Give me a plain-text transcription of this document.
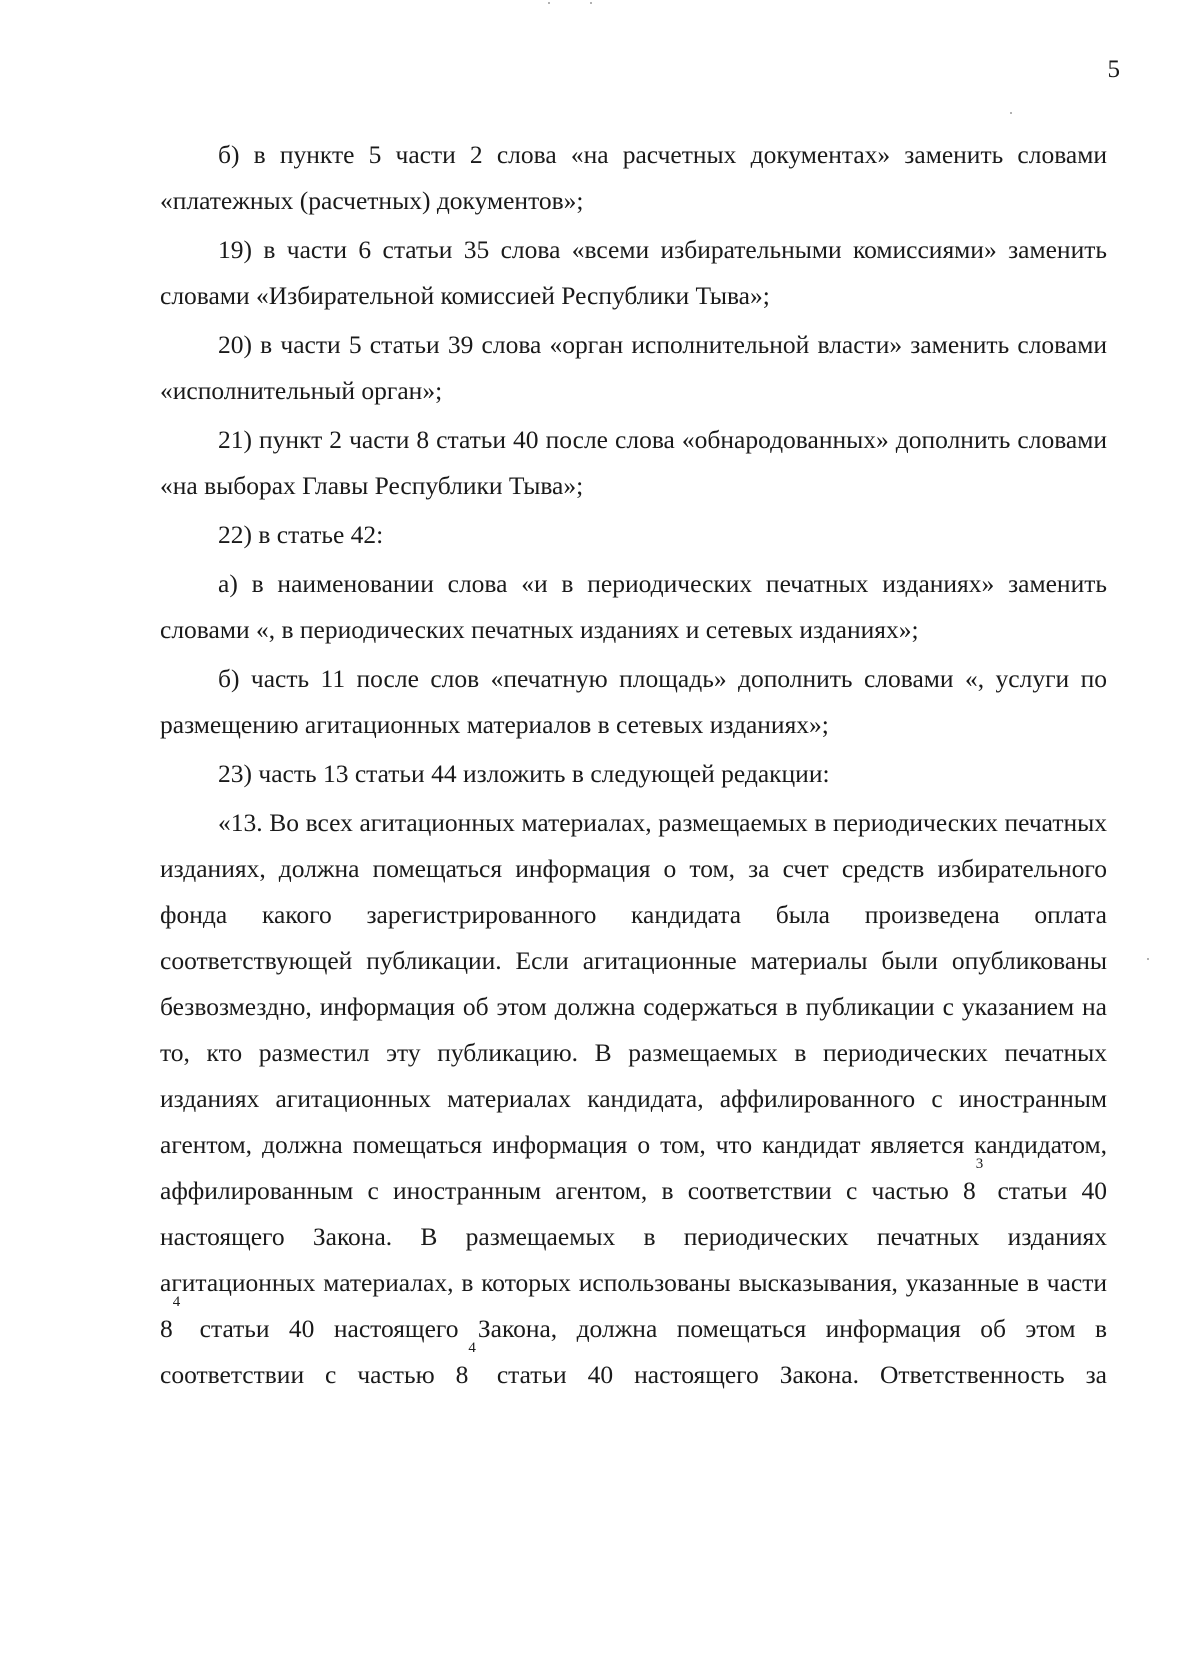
5

б) в пункте 5 части 2 слова «на расчетных документах» заменить словами «платежных (расчетных) документов»;

19) в части 6 статьи 35 слова «всеми избирательными комиссиями» заменить словами «Избирательной комиссией Республики Тыва»;

20) в части 5 статьи 39 слова «орган исполнительной власти» заменить словами «исполнительный орган»;

21) пункт 2 части 8 статьи 40 после слова «обнародованных» дополнить словами «на выборах Главы Республики Тыва»;

22) в статье 42:

а) в наименовании слова «и в периодических печатных изданиях» заменить словами «, в периодических печатных изданиях и сетевых изданиях»;

б) часть 11 после слов «печатную площадь» дополнить словами «, услуги по размещению агитационных материалов в сетевых изданиях»;

23) часть 13 статьи 44 изложить в следующей редакции:

«13. Во всех агитационных материалах, размещаемых в периодических печатных изданиях, должна помещаться информация о том, за счет средств избирательного фонда какого зарегистрированного кандидата была произведена оплата соответствующей публикации. Если агитационные материалы были опубликованы безвозмездно, информация об этом должна содержаться в публикации с указанием на то, кто разместил эту публикацию. В размещаемых в периодических печатных изданиях агитационных материалах кандидата, аффилированного с иностранным агентом, должна помещаться информация о том, что кандидат является кандидатом, аффилированным с иностранным агентом, в соответствии с частью $8^3$ статьи 40 настоящего Закона. В размещаемых в периодических печатных изданиях агитационных материалах, в которых использованы высказывания, указанные в части $8^4$ статьи 40 настоящего Закона, должна помещаться информация об этом в соответствии с частью $8^4$ статьи 40 настоящего Закона. Ответственность за
